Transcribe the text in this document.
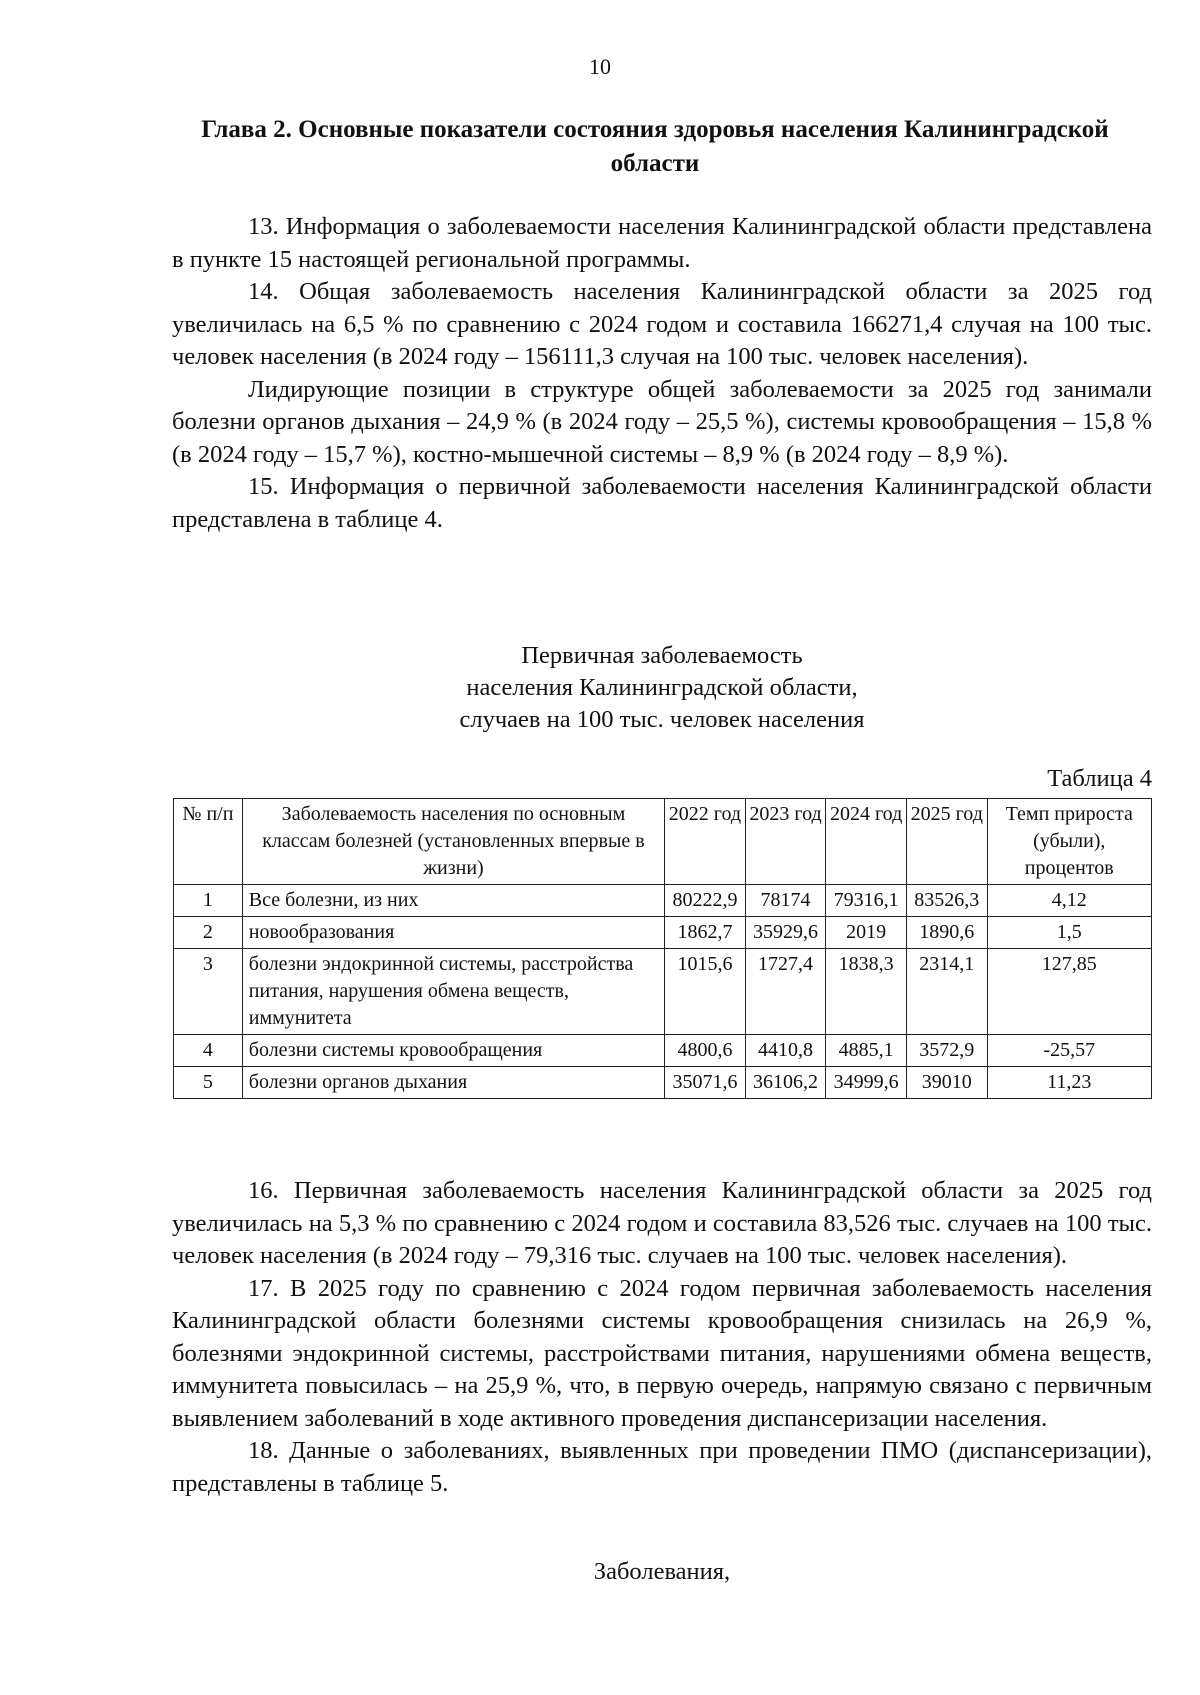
10
Глава 2. Основные показатели состояния здоровья населения Калининградской области

13. Информация о заболеваемости населения Калининградской области представлена в пункте 15 настоящей региональной программы.

14. Общая заболеваемость населения Калининградской области за 2025 год увеличилась на 6,5 % по сравнению с 2024 годом и составила 166271,4 случая на 100 тыс. человек населения (в 2024 году – 156111,3 случая на 100 тыс. человек населения).

Лидирующие позиции в структуре общей заболеваемости за 2025 год занимали болезни органов дыхания – 24,9 % (в 2024 году – 25,5 %), системы кровообращения – 15,8 % (в 2024 году – 15,7 %), костно-мышечной системы – 8,9 % (в 2024 году – 8,9 %).

15. Информация о первичной заболеваемости населения Калининградской области представлена в таблице 4.

Первичная заболеваемость
населения Калининградской области,
случаев на 100 тыс. человек населения
Таблица 4
№ п/п	Заболеваемость населения по основным классам болезней (установленных впервые в жизни)	2022 год	2023 год	2024 год	2025 год	Темп прироста (убыли), процентов
1	Все болезни, из них	80222,9	78174	79316,1	83526,3	4,12
2	новообразования	1862,7	35929,6	2019	1890,6	1,5
3	болезни эндокринной системы, расстройства питания, нарушения обмена веществ, иммунитета	1015,6	1727,4	1838,3	2314,1	127,85
4	болезни системы кровообращения	4800,6	4410,8	4885,1	3572,9	-25,57
5	болезни органов дыхания	35071,6	36106,2	34999,6	39010	11,23

16. Первичная заболеваемость населения Калининградской области за 2025 год увеличилась на 5,3 % по сравнению с 2024 годом и составила 83,526 тыс. случаев на 100 тыс. человек населения (в 2024 году – 79,316 тыс. случаев на 100 тыс. человек населения).

17. В 2025 году по сравнению с 2024 годом первичная заболеваемость населения Калининградской области болезнями системы кровообращения снизилась на 26,9 %, болезнями эндокринной системы, расстройствами питания, нарушениями обмена веществ, иммунитета повысилась – на 25,9 %, что, в первую очередь, напрямую связано с первичным выявлением заболеваний в ходе активного проведения диспансеризации населения.

18. Данные о заболеваниях, выявленных при проведении ПМО (диспансеризации), представлены в таблице 5.

Заболевания,
